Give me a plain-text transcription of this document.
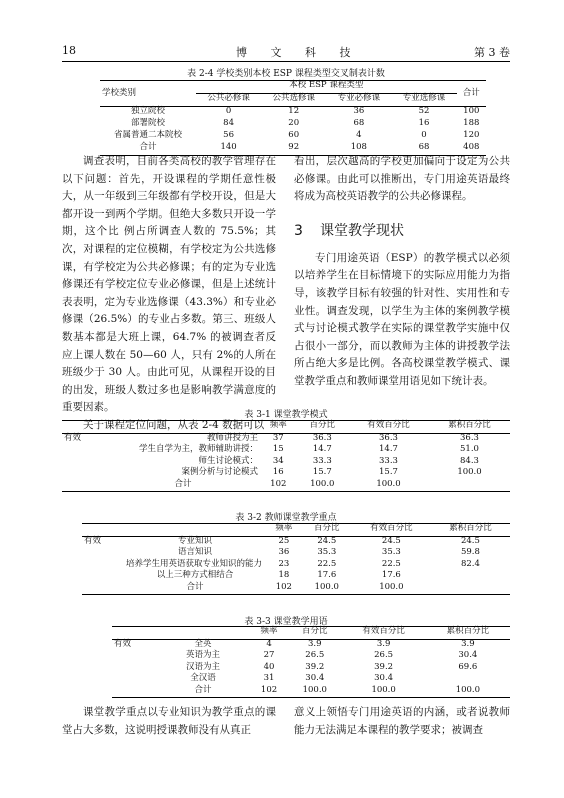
18	博 文 科 技	第 3 卷
表 2-4 学校类别本校 ESP 课程类型交叉制表计数
学校类别	本校 ESP 课程类型				合计
	公共必修课	公共选修课	专业必修课	专业选修课	
独立院校	0	12	36	52	100
部署院校	84	20	68	16	188
省属普通二本院校	56	60	4	0	120
合计	140	92	108	68	408

调查表明，目前各类高校的教学管理存在以下问题：首先，开设课程的学期任意性极大，从一年级到三年级都有学校开设，但是大都开设一到两个学期。但绝大多数只开设一学期，这个比 例占所调查人数的 75.5%；其次，对课程的定位模糊，有学校定为公共选修课，有学校定为公共必修课；有的定为专业选修课还有学校定位专业必修课，但是上述统计表表明，定为专业选修课（43.3%）和专业必修课（26.5%）的专业占多数。第三、班级人数基本都是大班上课，64.7% 的被调查者反应上课人数在 50—60 人，只有 2%的人所在班级少于 30 人。由此可见，从课程开设的目的出发，班级人数过多也是影响教学满意度的重要因素。

关于课程定位问题，从表 2-4 数据可以

看出，层次越高的学校更加偏向于设定为公共必修课。由此可以推断出，专门用途英语最终将成为高校英语教学的公共必修课程。

3 课堂教学现状

专门用途英语（ESP）的教学模式以必须以培养学生在目标情境下的实际应用能力为指导，该教学目标有较强的针对性、实用性和专业性。调查发现，以学生为主体的案例教学模式与讨论模式教学在实际的课堂教学实施中仅占很小一部分，而以教师为主体的讲授教学法所占绝大多是比例。各高校课堂教学模式、课堂教学重点和教师课堂用语见如下统计表。

表 3-1 课堂教学模式
		频率	百分比	有效百分比	累积百分比
有效	教师讲授为主	37	36.3	36.3	36.3
	学生自学为主，教师辅助讲授：	15	14.7	14.7	51.0
	师生讨论模式：	34	33.3	33.3	84.3
	案例分析与讨论模式	16	15.7	15.7	100.0
	合计	102	100.0	100.0	
表 3-2 教师课堂教学重点
		频率	百分比	有效百分比	累积百分比
有效	专业知识	25	24.5	24.5	24.5
	语言知识	36	35.3	35.3	59.8
	培养学生用英语获取专业知识的能力	23	22.5	22.5	82.4
	以上三种方式相结合	18	17.6	17.6	
	合计	102	100.0	100.0	
表 3-3 课堂教学用语
		频率	百分比	有效百分比	累积百分比
有效	全英	4	3.9	3.9	3.9
	英语为主	27	26.5	26.5	30.4
	汉语为主	40	39.2	39.2	69.6
	全汉语	31	30.4	30.4	
	合计	102	100.0	100.0	100.0

课堂教学重点以专业知识为教学重点的课堂占大多数，这说明授课教师没有从真正

意义上领悟专门用途英语的内涵，或者说教师能力无法满足本课程的教学要求；被调查
